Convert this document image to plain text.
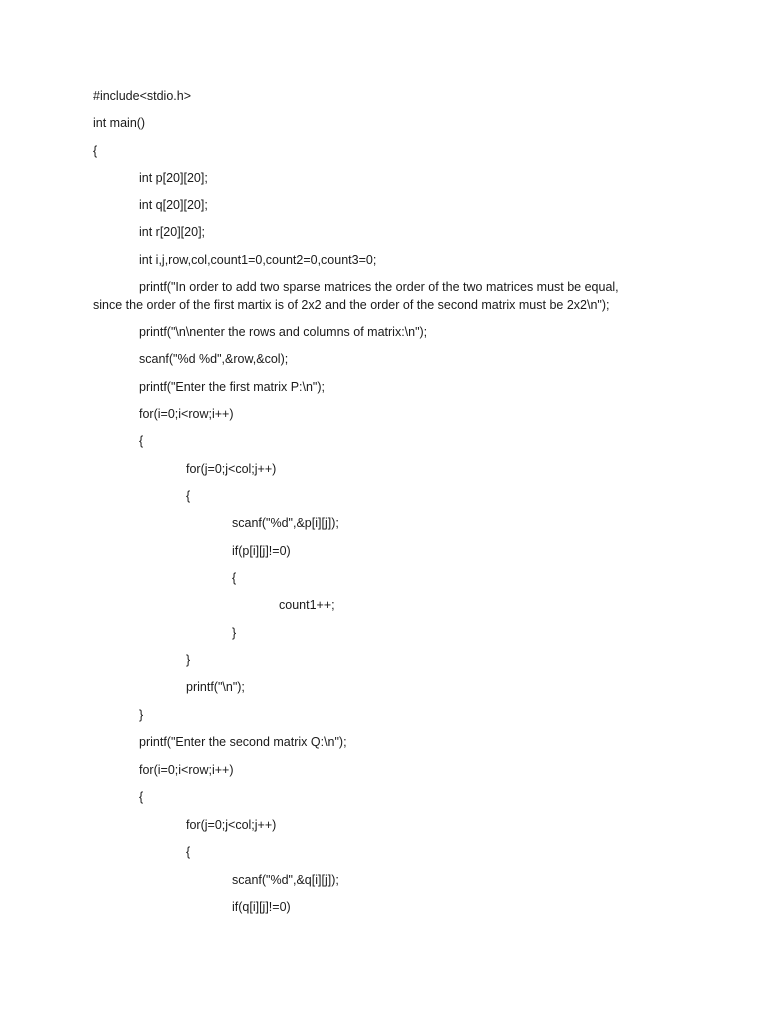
#include<stdio.h>
int main()
{
int p[20][20];
int q[20][20];
int r[20][20];
int i,j,row,col,count1=0,count2=0,count3=0;
printf("In order to add two sparse matrices the order of the two matrices must be equal,
since the order of the first martix is of 2x2 and the order of the second matrix must be 2x2\n");
printf("\n\nenter the rows and columns of matrix:\n");
scanf("%d %d",&row,&col);
printf("Enter the first matrix P:\n");
for(i=0;i<row;i++)
{
for(j=0;j<col;j++)
{
scanf("%d",&p[i][j]);
if(p[i][j]!=0)
{
count1++;
}
}
printf("\n");
}
printf("Enter the second matrix Q:\n");
for(i=0;i<row;i++)
{
for(j=0;j<col;j++)
{
scanf("%d",&q[i][j]);
if(q[i][j]!=0)
